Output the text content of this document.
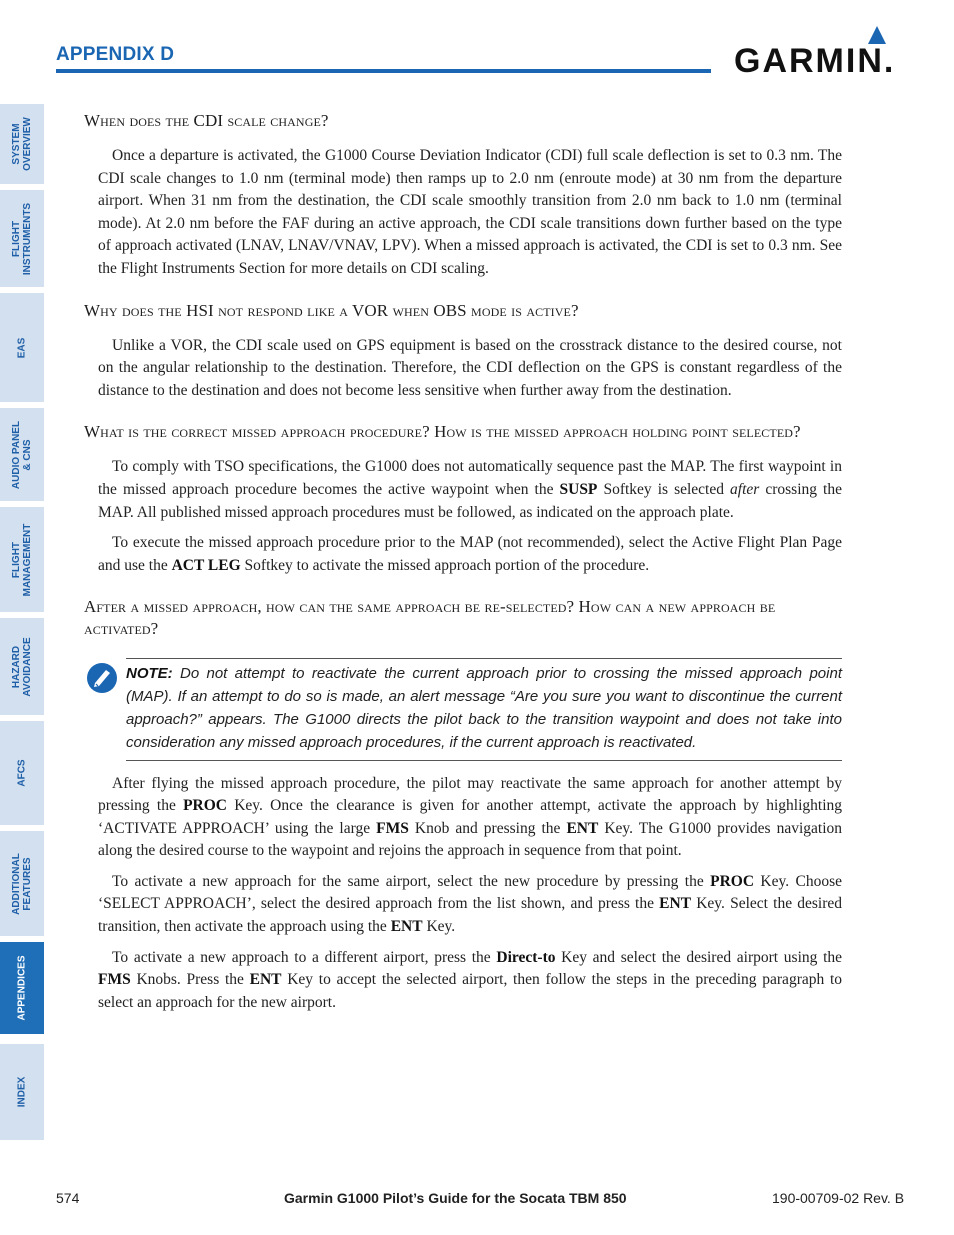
APPENDIX D	GARMIN.
SYSTEM
OVERVIEW
FLIGHT
INSTRUMENTS
EAS
AUDIO PANEL
& CNS
FLIGHT
MANAGEMENT
HAZARD
AVOIDANCE
AFCS
ADDITIONAL
FEATURES
APPENDICES
INDEX
When does the CDI scale change?

Once a departure is activated, the G1000 Course Deviation Indicator (CDI) full scale deflection is set to 0.3 nm. The CDI scale changes to 1.0 nm (terminal mode) then ramps up to 2.0 nm (enroute mode) at 30 nm from the departure airport. When 31 nm from the destination, the CDI scale smoothly transition from 2.0 nm back to 1.0 nm (terminal mode). At 2.0 nm before the FAF during an active approach, the CDI scale transitions down further based on the type of approach activated (LNAV, LNAV/VNAV, LPV). When a missed approach is activated, the CDI is set to 0.3 nm. See the Flight Instruments Section for more details on CDI scaling.

Why does the HSI not respond like a VOR when OBS mode is active?

Unlike a VOR, the CDI scale used on GPS equipment is based on the crosstrack distance to the desired course, not on the angular relationship to the destination. Therefore, the CDI deflection on the GPS is constant regardless of the distance to the destination and does not become less sensitive when further away from the destination.

What is the correct missed approach procedure? How is the missed approach holding point selected?

To comply with TSO specifications, the G1000 does not automatically sequence past the MAP. The first waypoint in the missed approach procedure becomes the active waypoint when the SUSP Softkey is selected after crossing the MAP. All published missed approach procedures must be followed, as indicated on the approach plate.

To execute the missed approach procedure prior to the MAP (not recommended), select the Active Flight Plan Page and use the ACT LEG Softkey to activate the missed approach portion of the procedure.

After a missed approach, how can the same approach be re-selected? How can a new approach be activated?
NOTE: Do not attempt to reactivate the current approach prior to crossing the missed approach point (MAP). If an attempt to do so is made, an alert message “Are you sure you want to discontinue the current approach?” appears. The G1000 directs the pilot back to the transition waypoint and does not take into consideration any missed approach procedures, if the current approach is reactivated.

After flying the missed approach procedure, the pilot may reactivate the same approach for another attempt by pressing the PROC Key. Once the clearance is given for another attempt, activate the approach by highlighting ‘ACTIVATE APPROACH’ using the large FMS Knob and pressing the ENT Key. The G1000 provides navigation along the desired course to the waypoint and rejoins the approach in sequence from that point.

To activate a new approach for the same airport, select the new procedure by pressing the PROC Key. Choose ‘SELECT APPROACH’, select the desired approach from the list shown, and press the ENT Key. Select the desired transition, then activate the approach using the ENT Key.

To activate a new approach to a different airport, press the Direct-to Key and select the desired airport using the FMS Knobs. Press the ENT Key to accept the selected airport, then follow the steps in the preceding paragraph to select an approach for the new airport.

574	Garmin G1000 Pilot’s Guide for the Socata TBM 850	190-00709-02 Rev. B
